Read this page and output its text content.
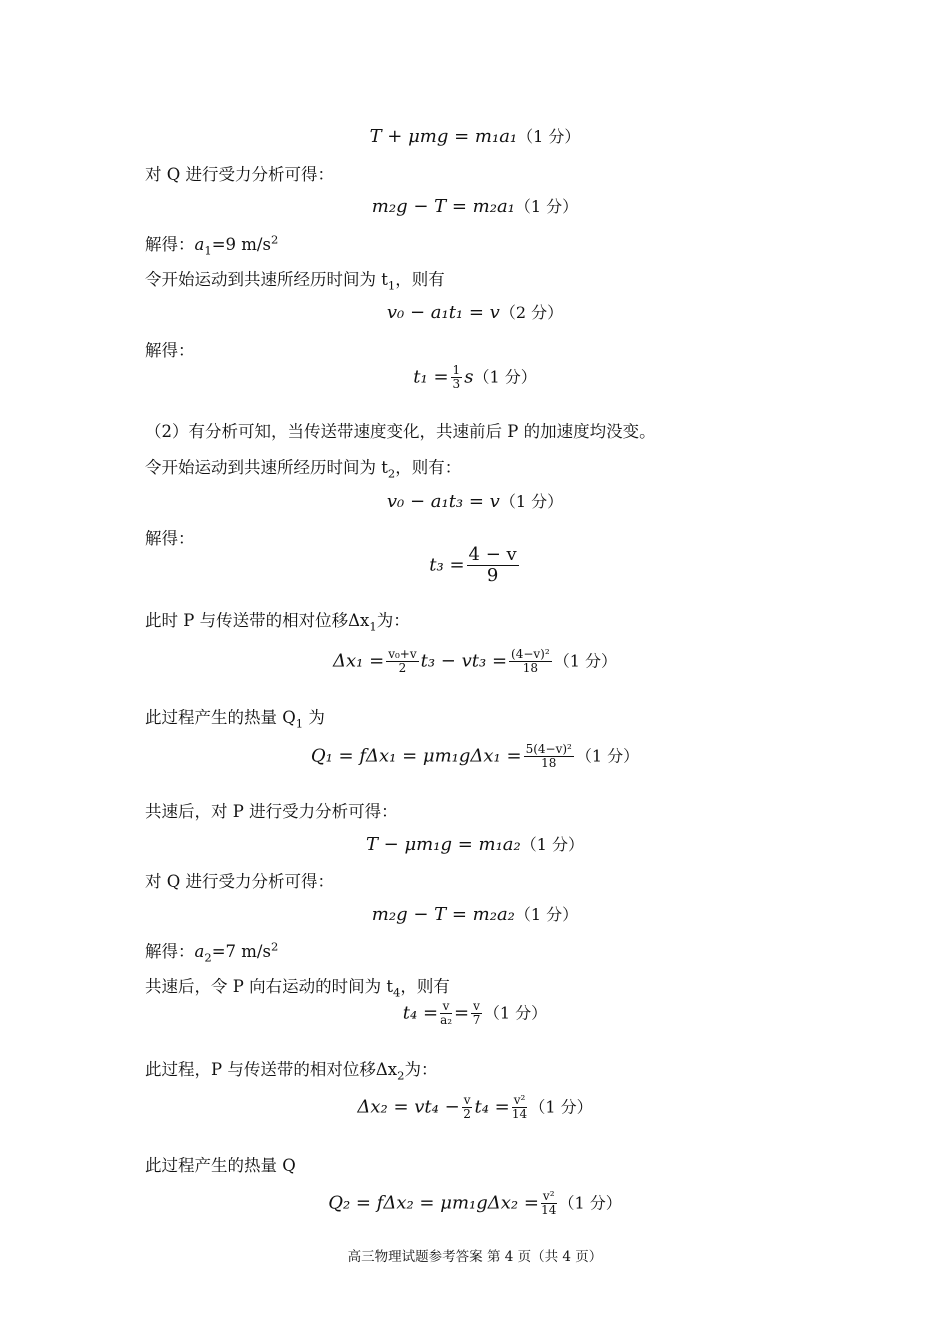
T + μmg = m₁a₁（1 分）
对 Q 进行受力分析可得：
m₂g − T = m₂a₁（1 分）
解得：$a_1=9$ $m/s^2$
令开始运动到共速所经历时间为 $t_1$，则有
v₀ − a₁t₁ = v（2 分）
解得：
$t_1 = \frac{1}{3} s(1$ 分）
（2）有分析可知，当传送带速度变化，共速前后 P 的加速度均没变。
令开始运动到共速所经历时间为 $t_2$，则有：
v₀ − a₁t₃ = v（1 分）
解得：
$t_3 = \frac{4 - v}{9}$
此时 P 与传送带的相对位移$\Delta x_1$为：
$\Delta x_1 = \frac{\text{v₀+v}}{2} t_3 - vt_3 = \frac{\text{(4−v)²}}{18} (1$ 分）
此过程产生的热量 $Q_1$ 为
$Q_1 = f\Delta x_1 = \mu m_1g\Delta x_1 = \frac{\text{5(4−v)²}}{18} (1$ 分）
共速后，对 P 进行受力分析可得：
T − μm₁g = m₁a₂（1 分）
对 Q 进行受力分析可得：
m₂g − T = m₂a₂（1 分）
解得：$a_2=7$ $m/s^2$
共速后，令 P 向右运动的时间为 $t_4$，则有
$t_4 = \frac{v}{\text{a₂}} = \frac{v}{7} (1$ 分）
此过程，P 与传送带的相对位移$\Delta x_2$为：
$\Delta x_2 = vt_4 - \frac{v}{2} t_4 = \frac{\text{v²}}{14} (1$ 分）
此过程产生的热量 Q
$Q_2 = f\Delta x_2 = \mu m_1g\Delta x_2 = \frac{\text{v²}}{14} (1$ 分）
高三物理试题参考答案 第 4 页（共 4 页）
